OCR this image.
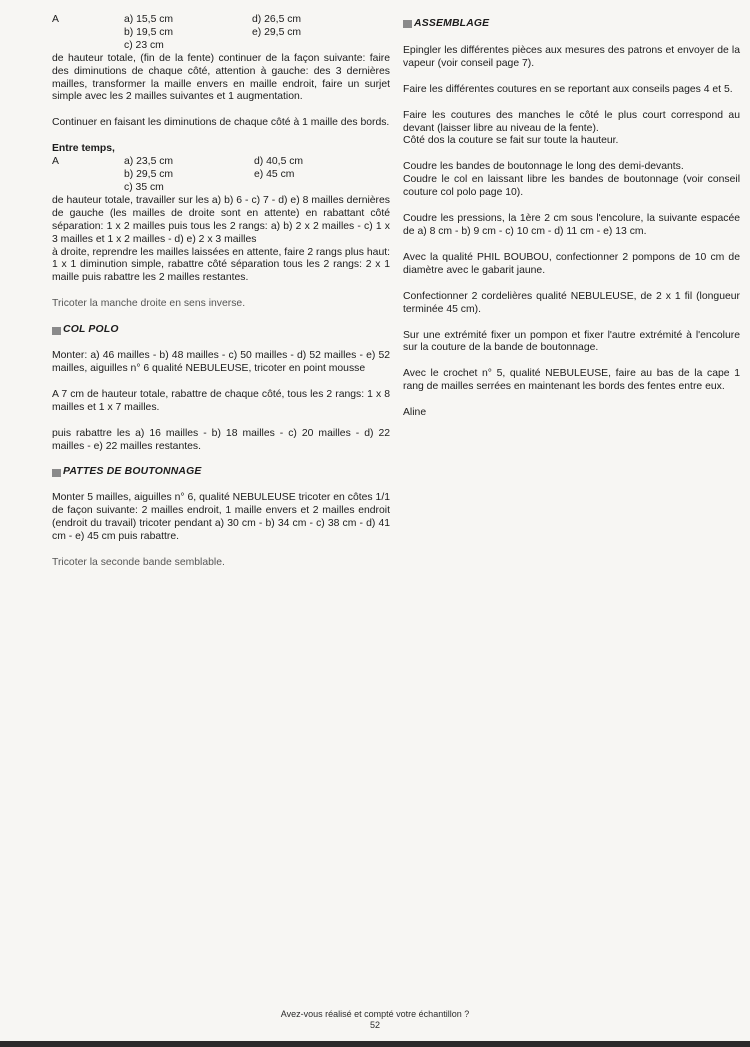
A	a) 15,5 cm	d) 26,5 cm
b) 19,5 cm	e) 29,5 cm
c) 23 cm

de hauteur totale, (fin de la fente) continuer de la façon suivante: faire des diminutions de chaque côté, attention à gauche: des 3 dernières mailles, transformer la maille envers en maille endroit, faire un surjet simple avec les 2 mailles suivantes et 1 augmentation.

Continuer en faisant les diminutions de chaque côté à 1 maille des bords.

Entre temps,
A	a) 23,5 cm	d) 40,5 cm
b) 29,5 cm	e) 45 cm
c) 35 cm

de hauteur totale, travailler sur les a) b) 6 - c) 7 - d) e) 8 mailles dernières de gauche (les mailles de droite sont en attente) en rabattant côté séparation: 1 x 2 mailles puis tous les 2 rangs: a) b) 2 x 2 mailles - c) 1 x 3 mailles et 1 x 2 mailles - d) e) 2 x 3 mailles

à droite, reprendre les mailles laissées en attente, faire 2 rangs plus haut: 1 x 1 diminution simple, rabattre côté séparation tous les 2 rangs: 2 x 1 maille puis rabattre les 2 mailles restantes.

Tricoter la manche droite en sens inverse.

COL POLO

Monter: a) 46 mailles - b) 48 mailles - c) 50 mailles - d) 52 mailles - e) 52 mailles, aiguilles n° 6 qualité NEBULEUSE, tricoter en point mousse

A 7 cm de hauteur totale, rabattre de chaque côté, tous les 2 rangs: 1 x 8 mailles et 1 x 7 mailles.

puis rabattre les a) 16 mailles - b) 18 mailles - c) 20 mailles - d) 22 mailles - e) 22 mailles restantes.

PATTES DE BOUTONNAGE

Monter 5 mailles, aiguilles n° 6, qualité NEBULEUSE tricoter en côtes 1/1 de façon suivante: 2 mailles endroit, 1 maille envers et 2 mailles endroit (endroit du travail) tricoter pendant a) 30 cm - b) 34 cm - c) 38 cm - d) 41 cm - e) 45 cm puis rabattre.

Tricoter la seconde bande semblable.

ASSEMBLAGE

Epingler les différentes pièces aux mesures des patrons et envoyer de la vapeur (voir conseil page 7).

Faire les différentes coutures en se reportant aux conseils pages 4 et 5.

Faire les coutures des manches le côté le plus court correspond au devant (laisser libre au niveau de la fente).

Côté dos la couture se fait sur toute la hauteur.

Coudre les bandes de boutonnage le long des demi-devants.

Coudre le col en laissant libre les bandes de boutonnage (voir conseil couture col polo page 10).

Coudre les pressions, la 1ère 2 cm sous l'encolure, la suivante espacée de a) 8 cm - b) 9 cm - c) 10 cm - d) 11 cm - e) 13 cm.

Avec la qualité PHIL BOUBOU, confectionner 2 pompons de 10 cm de diamètre avec le gabarit jaune.

Confectionner 2 cordelières qualité NEBULEUSE, de 2 x 1 fil (longueur terminée 45 cm).

Sur une extrémité fixer un pompon et fixer l'autre extrémité à l'encolure sur la couture de la bande de boutonnage.

Avec le crochet n° 5, qualité NEBULEUSE, faire au bas de la cape 1 rang de mailles serrées en maintenant les bords des fentes entre eux.

Aline

Avez-vous réalisé et compté votre échantillon ?
52
